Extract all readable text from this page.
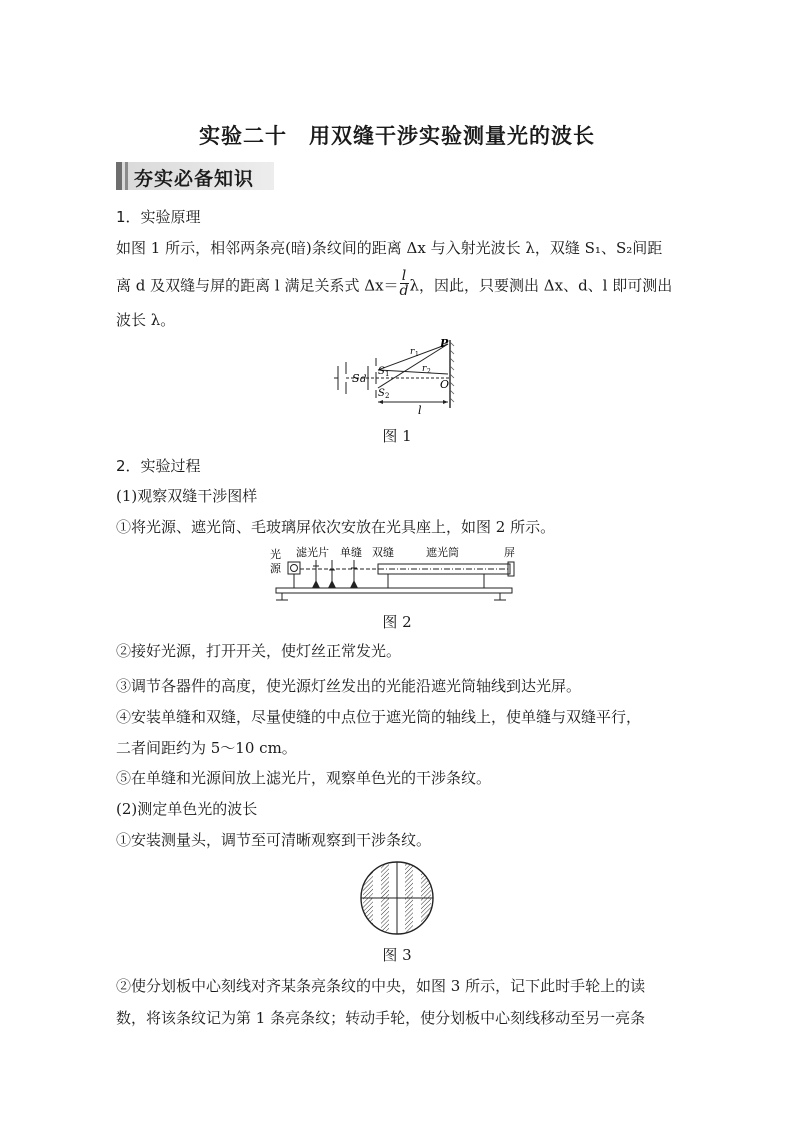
实验二十　用双缝干涉实验测量光的波长
夯实必备知识
1．实验原理
如图 1 所示，相邻两条亮(暗)条纹间的距离 Δx 与入射光波长 λ，双缝 S₁、S₂间距
离 d 及双缝与屏的距离 l 满足关系式 $\Delta x= \frac{l}{d}$ λ，因此，只要测出 Δx、d、l 即可测出
波长 λ。
S d
S 1
S 2
r 1
r 2
P
O
l
图 1
2．实验过程
(1)观察双缝干涉图样
①将光源、遮光筒、毛玻璃屏依次安放在光具座上，如图 2 所示。
光
源
滤光片 单缝 双缝	遮光筒	屏
图 2
②接好光源，打开开关，使灯丝正常发光。
③调节各器件的高度，使光源灯丝发出的光能沿遮光筒轴线到达光屏。
④安装单缝和双缝，尽量使缝的中点位于遮光筒的轴线上，使单缝与双缝平行，
二者间距约为 5～10 cm。
⑤在单缝和光源间放上滤光片，观察单色光的干涉条纹。
(2)测定单色光的波长
①安装测量头，调节至可清晰观察到干涉条纹。
图 3
②使分划板中心刻线对齐某条亮条纹的中央，如图 3 所示，记下此时手轮上的读
数，将该条纹记为第 1 条亮条纹；转动手轮，使分划板中心刻线移动至另一亮条
